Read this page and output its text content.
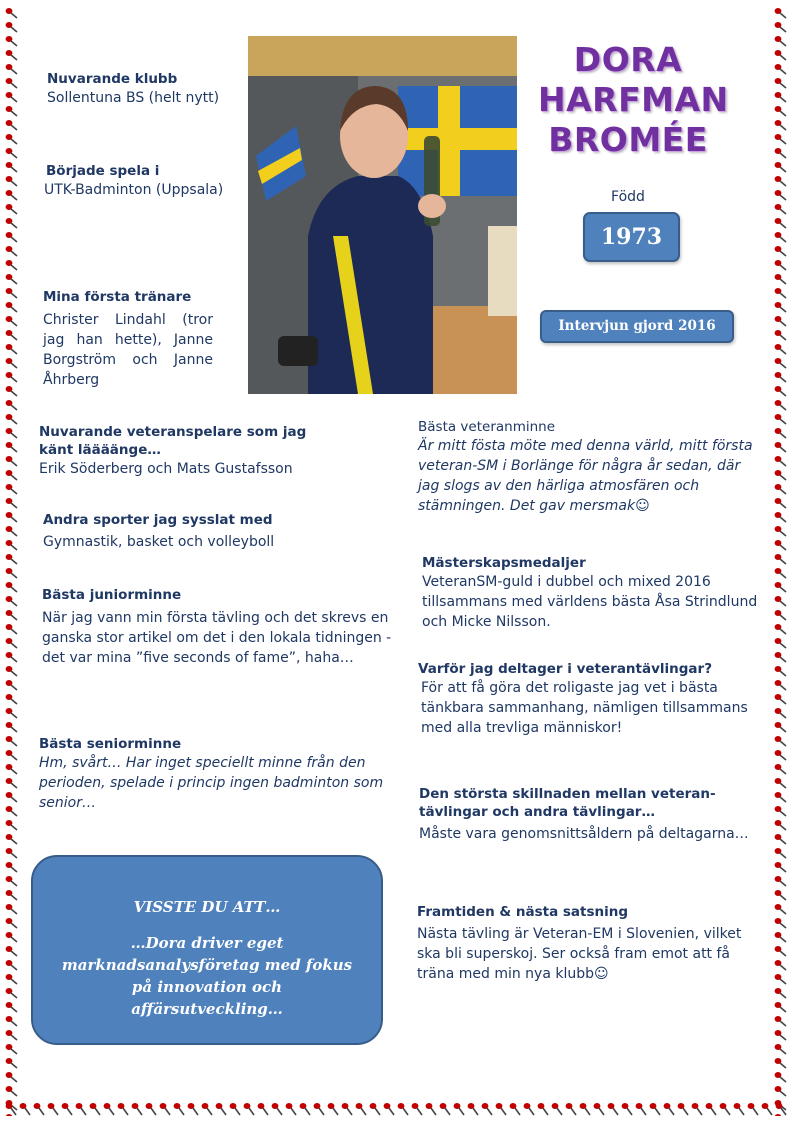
DORA
HARFMAN
BROMÉE
Född
1973
Intervjun gjord 2016
Nuvarande klubb
Sollentuna BS (helt nytt)
Började spela i
UTK-Badminton (Uppsala)
Mina första tränare
Christer Lindahl (tror jag han hette), Janne Borgström och Janne Åhrberg
Nuvarande veteranspelare som jag känt läääänge…
Erik Söderberg och Mats Gustafsson
Andra sporter jag sysslat med
Gymnastik, basket och volleyboll
Bästa juniorminne
När jag vann min första tävling och det skrevs en ganska stor artikel om det i den lokala tidningen - det var mina ”five seconds of fame”, haha…
Bästa seniorminne
Hm, svårt… Har inget speciellt minne från den perioden, spelade i princip ingen badminton som senior…
Bästa veteranminne
Är mitt fösta möte med denna värld, mitt första veteran-SM i Borlänge för några år sedan, där jag slogs av den härliga atmosfären och stämningen. Det gav mersmak☺
Mästerskapsmedaljer
VeteranSM-guld i dubbel och mixed 2016 tillsammans med världens bästa Åsa Strindlund och Micke Nilsson.
Varför jag deltager i veterantävlingar?
För att få göra det roligaste jag vet i bästa tänkbara sammanhang, nämligen tillsammans med alla trevliga människor!
Den största skillnaden mellan veteran-tävlingar och andra tävlingar…
Måste vara genomsnittsåldern på deltagarna…
Framtiden & nästa satsning
Nästa tävling är Veteran-EM i Slovenien, vilket ska bli superskoj. Ser också fram emot att få träna med min nya klubb☺
VISSTE DU ATT…
…Dora driver eget marknadsanalysföretag med fokus på innovation och affärsutveckling…
